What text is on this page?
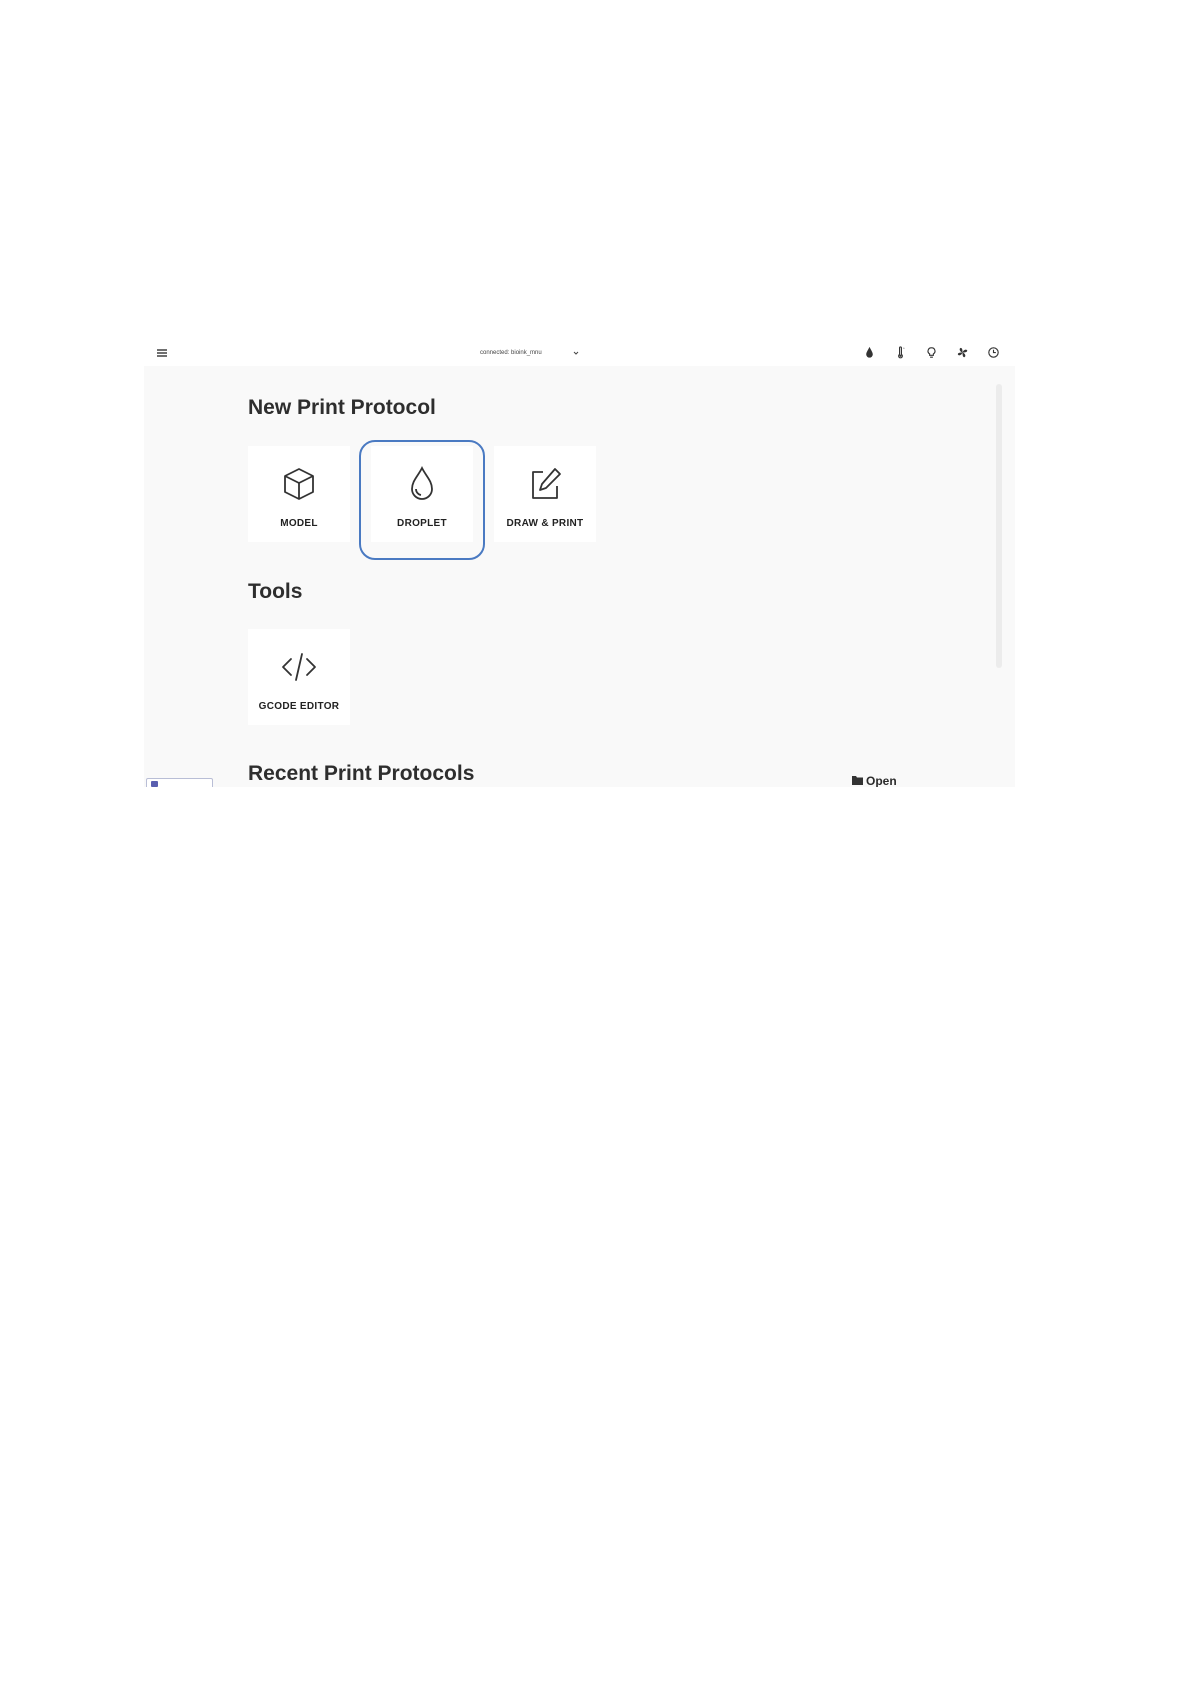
connected: bioink_mnu
°
New Print Protocol
MODEL	DROPLET	DRAW & PRINT
Tools
GCODE EDITOR
Recent Print Protocols	Open
